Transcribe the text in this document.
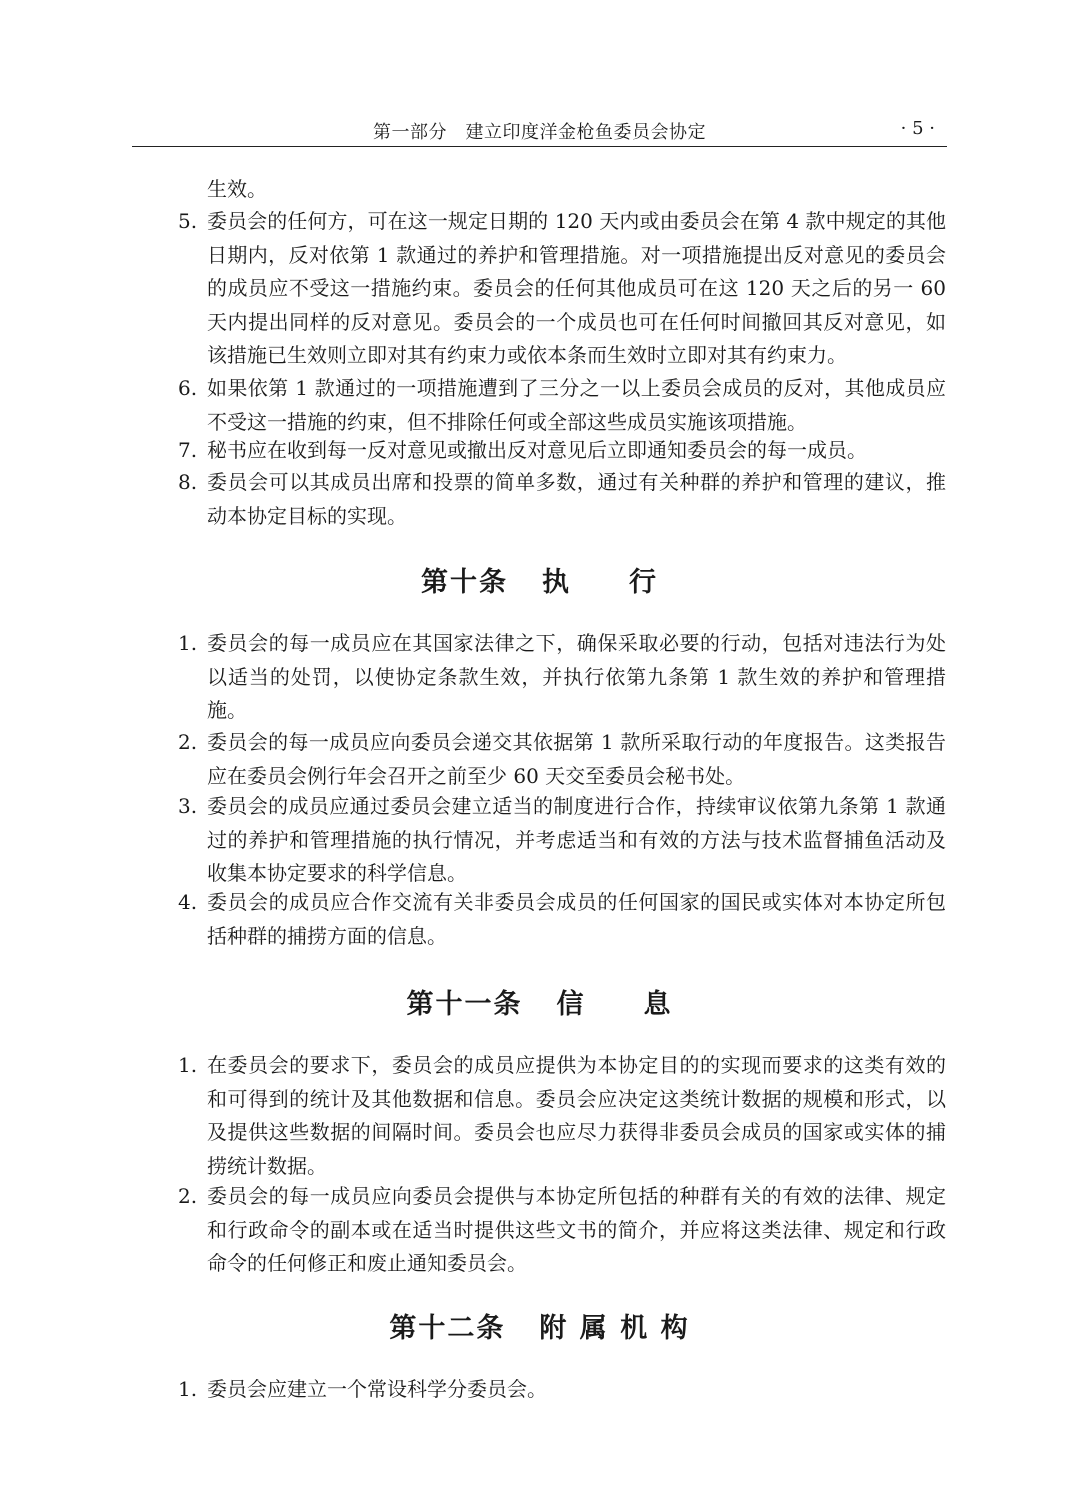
第一部分　建立印度洋金枪鱼委员会协定	· 5 ·

生效。

5. 委员会的任何方，可在这一规定日期的 120 天内或由委员会在第 4 款中规定的其他日期内，反对依第 1 款通过的养护和管理措施。对一项措施提出反对意见的委员会的成员应不受这一措施约束。委员会的任何其他成员可在这 120 天之后的另一 60 天内提出同样的反对意见。委员会的一个成员也可在任何时间撤回其反对意见，如该措施已生效则立即对其有约束力或依本条而生效时立即对其有约束力。
6. 如果依第 1 款通过的一项措施遭到了三分之一以上委员会成员的反对，其他成员应不受这一措施的约束，但不排除任何或全部这些成员实施该项措施。
7. 秘书应在收到每一反对意见或撤出反对意见后立即通知委员会的每一成员。
8. 委员会可以其成员出席和投票的简单多数，通过有关种群的养护和管理的建议，推动本协定目标的实现。
第十条 执 行
1. 委员会的每一成员应在其国家法律之下，确保采取必要的行动，包括对违法行为处以适当的处罚，以使协定条款生效，并执行依第九条第 1 款生效的养护和管理措施。
2. 委员会的每一成员应向委员会递交其依据第 1 款所采取行动的年度报告。这类报告应在委员会例行年会召开之前至少 60 天交至委员会秘书处。
3. 委员会的成员应通过委员会建立适当的制度进行合作，持续审议依第九条第 1 款通过的养护和管理措施的执行情况，并考虑适当和有效的方法与技术监督捕鱼活动及收集本协定要求的科学信息。
4. 委员会的成员应合作交流有关非委员会成员的任何国家的国民或实体对本协定所包括种群的捕捞方面的信息。
第十一条 信 息
1. 在委员会的要求下，委员会的成员应提供为本协定目的的实现而要求的这类有效的和可得到的统计及其他数据和信息。委员会应决定这类统计数据的规模和形式，以及提供这些数据的间隔时间。委员会也应尽力获得非委员会成员的国家或实体的捕捞统计数据。
2. 委员会的每一成员应向委员会提供与本协定所包括的种群有关的有效的法律、规定和行政命令的副本或在适当时提供这些文书的简介，并应将这类法律、规定和行政命令的任何修正和废止通知委员会。
第十二条 附 属 机 构
1. 委员会应建立一个常设科学分委员会。
